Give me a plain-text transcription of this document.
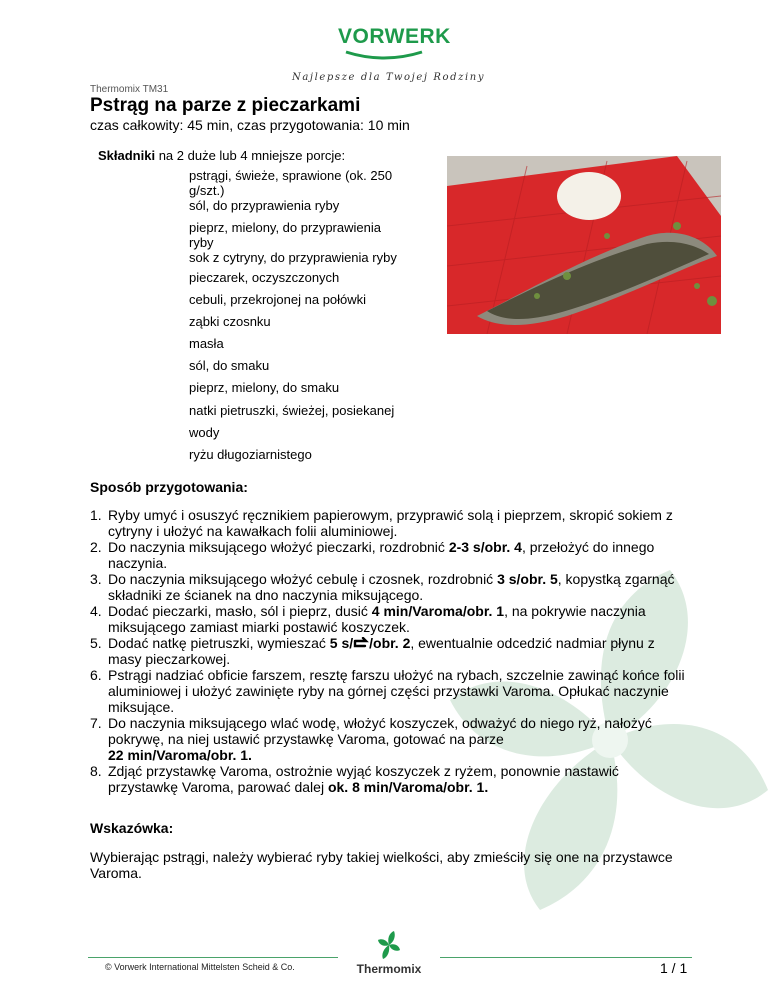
VORWERK
Najlepsze dla Twojej Rodziny
Thermomix TM31
Pstrąg na parze z pieczarkami
czas całkowity: 45 min, czas przygotowania: 10 min
Składniki na 2 duże lub 4 mniejsze porcje:
pstrągi, świeże, sprawione (ok. 250 g/szt.)
sól, do przyprawienia ryby
pieprz, mielony, do przyprawienia ryby
sok z cytryny, do przyprawienia ryby
pieczarek, oczyszczonych
cebuli, przekrojonej na połówki
ząbki czosnku
masła
sól, do smaku
pieprz, mielony, do smaku
natki pietruszki, świeżej, posiekanej
wody
ryżu długoziarnistego
Sposób przygotowania:
1. Ryby umyć i osuszyć ręcznikiem papierowym, przyprawić solą i pieprzem, skropić sokiem z cytryny i ułożyć na kawałkach folii aluminiowej.
2. Do naczynia miksującego włożyć pieczarki, rozdrobnić 2-3 s/obr. 4, przełożyć do innego naczynia.
3. Do naczynia miksującego włożyć cebulę i czosnek, rozdrobnić 3 s/obr. 5, kopystką zgarnąć składniki ze ścianek na dno naczynia miksującego.
4. Dodać pieczarki, masło, sól i pieprz, dusić 4 min/Varoma/obr. 1, na pokrywie naczynia miksującego zamiast miarki postawić koszyczek.
5. Dodać natkę pietruszki, wymieszać 5 s/ /obr. 2, ewentualnie odcedzić nadmiar płynu z masy pieczarkowej.
6. Pstrągi nadziać obficie farszem, resztę farszu ułożyć na rybach, szczelnie zawinąć końce folii aluminiowej i ułożyć zawinięte ryby na górnej części przystawki Varoma. Opłukać naczynie miksujące.
7. Do naczynia miksującego wlać wodę, włożyć koszyczek, odważyć do niego ryż, nałożyć pokrywę, na niej ustawić przystawkę Varoma, gotować na parze
22 min/Varoma/obr. 1.
8. Zdjąć przystawkę Varoma, ostrożnie wyjąć koszyczek z ryżem, ponownie nastawić przystawkę Varoma, parować dalej ok. 8 min/Varoma/obr. 1.
Wskazówka:
Wybierając pstrągi, należy wybierać ryby takiej wielkości, aby zmieściły się one na przystawce Varoma.
© Vorwerk International Mittelsten Scheid & Co.	Thermomix	1 / 1
